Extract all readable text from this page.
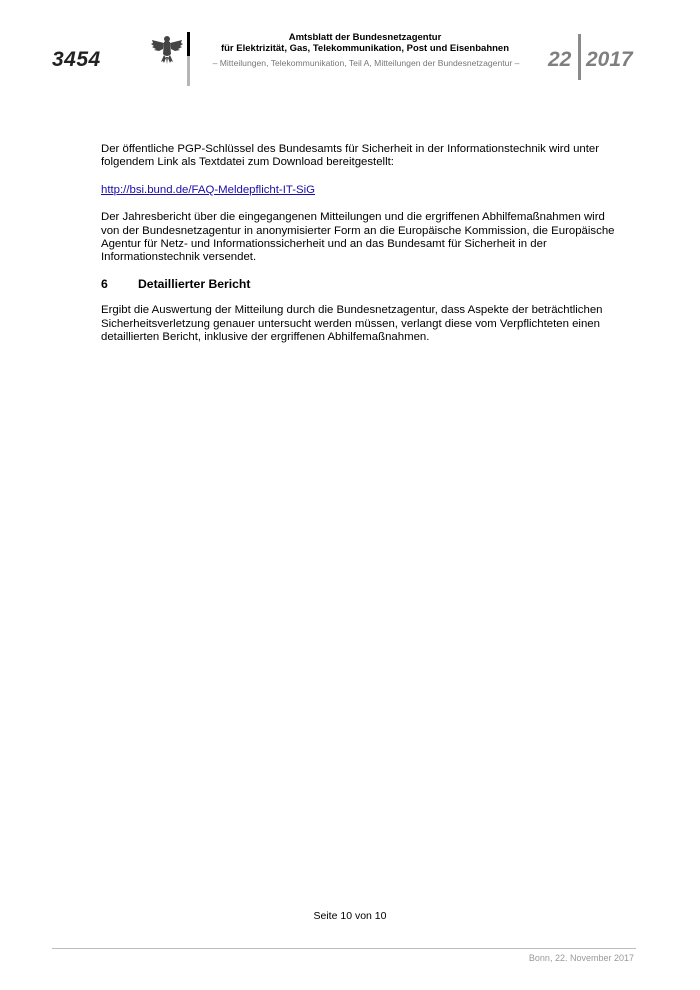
3454
Amtsblatt der Bundesnetzagentur
für Elektrizität, Gas, Telekommunikation, Post und Eisenbahnen
– Mitteilungen, Telekommunikation, Teil A, Mitteilungen der Bundesnetzagentur –	22 2017

Der öffentliche PGP-Schlüssel des Bundesamts für Sicherheit in der Informationstechnik wird unter folgendem Link als Textdatei zum Download bereitgestellt:

http://bsi.bund.de/FAQ-Meldepflicht-IT-SiG

Der Jahresbericht über die eingegangenen Mitteilungen und die ergriffenen Abhilfemaßnahmen wird von der Bundesnetzagentur in anonymisierter Form an die Europäische Kommission, die Europäische Agentur für Netz- und Informationssicherheit und an das Bundesamt für Sicherheit in der Informationstechnik versendet.

6	Detaillierter Bericht

Ergibt die Auswertung der Mitteilung durch die Bundesnetzagentur, dass Aspekte der beträchtlichen Sicherheitsverletzung genauer untersucht werden müssen, verlangt diese vom Verpflichteten einen detaillierten Bericht, inklusive der ergriffenen Abhilfemaßnahmen.

Seite 10 von 10
Bonn, 22. November 2017
